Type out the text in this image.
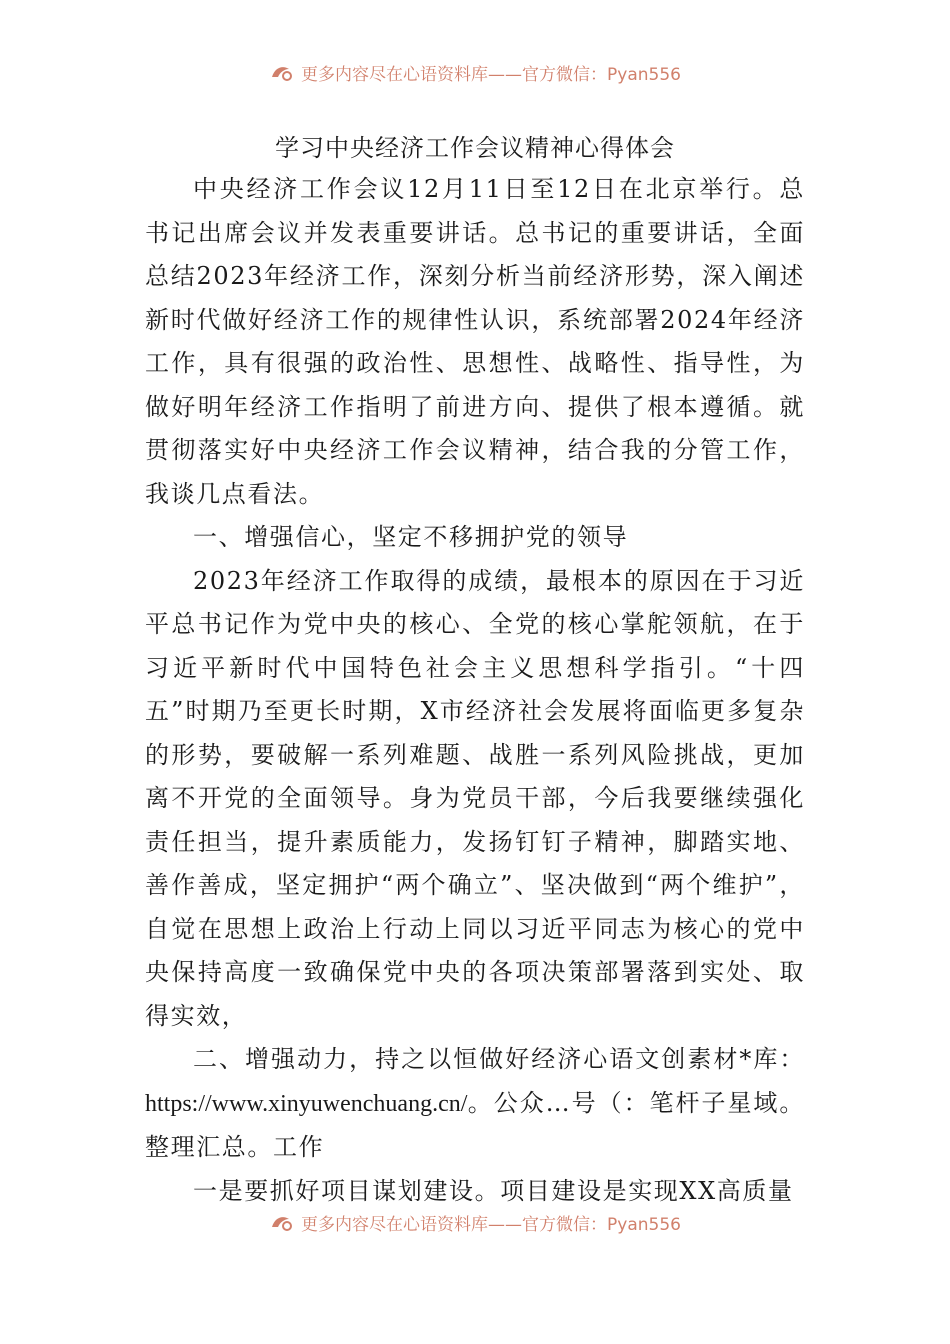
更多内容尽在心语资料库——官方微信：Pyan556
学习中央经济工作会议精神心得体会

中央经济工作会议12月11日至12日在北京举行。总书记出席会议并发表重要讲话。总书记的重要讲话，全面总结2023年经济工作，深刻分析当前经济形势，深入阐述新时代做好经济工作的规律性认识，系统部署2024年经济工作，具有很强的政治性、思想性、战略性、指导性，为做好明年经济工作指明了前进方向、提供了根本遵循。就贯彻落实好中央经济工作会议精神，结合我的分管工作，我谈几点看法。

一、增强信心，坚定不移拥护党的领导

2023年经济工作取得的成绩，最根本的原因在于习近平总书记作为党中央的核心、全党的核心掌舵领航，在于习近平新时代中国特色社会主义思想科学指引。“十四五”时期乃至更长时期，X市经济社会发展将面临更多复杂的形势，要破解一系列难题、战胜一系列风险挑战，更加离不开党的全面领导。身为党员干部，今后我要继续强化责任担当，提升素质能力，发扬钉钉子精神，脚踏实地、善作善成，坚定拥护“两个确立”、坚决做到“两个维护”，自觉在思想上政治上行动上同以习近平同志为核心的党中央保持高度一致确保党中央的各项决策部署落到实处、取得实效，

二、增强动力，持之以恒做好经济心语文创素材*库：https://www.xinyuwenchuang.cn/。公众…号（：笔杆子星域。整理汇总。工作

一是要抓好项目谋划建设。项目建设是实现XX高质量

更多内容尽在心语资料库——官方微信：Pyan556
